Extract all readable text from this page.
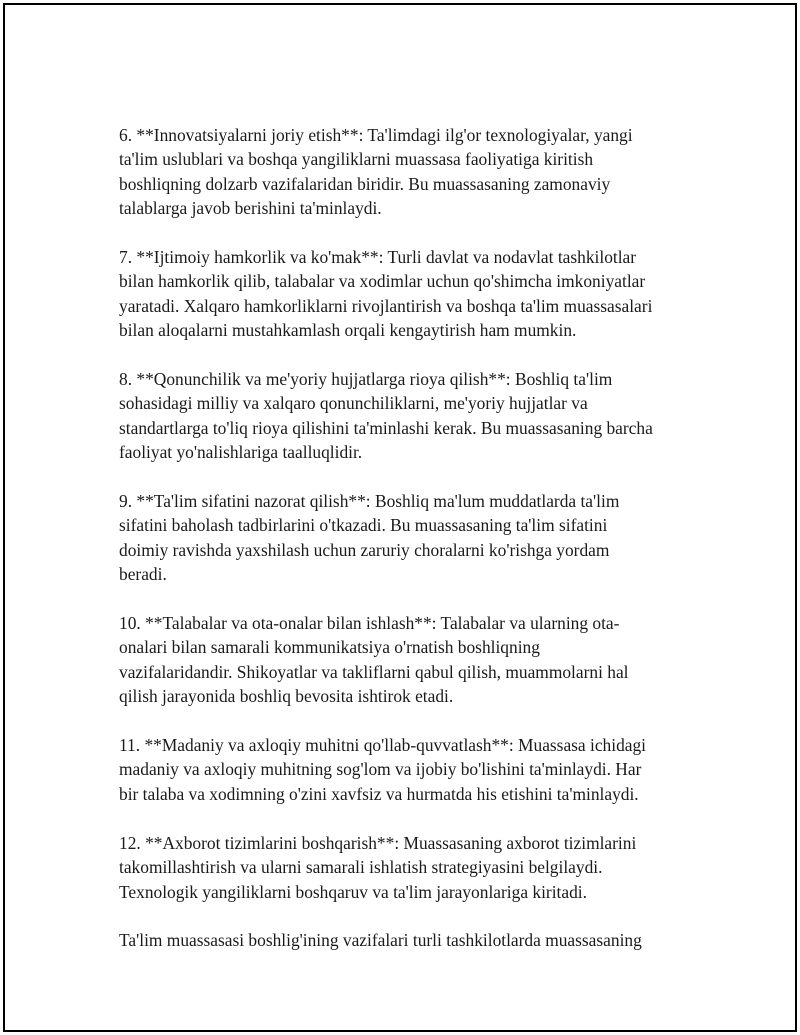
6. **Innovatsiyalarni joriy etish**: Ta'limdagi ilg'or texnologiyalar, yangi
ta'lim uslublari va boshqa yangiliklarni muassasa faoliyatiga kiritish
boshliqning dolzarb vazifalaridan biridir. Bu muassasaning zamonaviy
talablarga javob berishini ta'minlaydi.
7. **Ijtimoiy hamkorlik va ko'mak**: Turli davlat va nodavlat tashkilotlar
bilan hamkorlik qilib, talabalar va xodimlar uchun qo'shimcha imkoniyatlar
yaratadi. Xalqaro hamkorliklarni rivojlantirish va boshqa ta'lim muassasalari
bilan aloqalarni mustahkamlash orqali kengaytirish ham mumkin.
8. **Qonunchilik va me'yoriy hujjatlarga rioya qilish**: Boshliq ta'lim
sohasidagi milliy va xalqaro qonunchiliklarni, me'yoriy hujjatlar va
standartlarga to'liq rioya qilishini ta'minlashi kerak. Bu muassasaning barcha
faoliyat yo'nalishlariga taalluqlidir.
9. **Ta'lim sifatini nazorat qilish**: Boshliq ma'lum muddatlarda ta'lim
sifatini baholash tadbirlarini o'tkazadi. Bu muassasaning ta'lim sifatini
doimiy ravishda yaxshilash uchun zaruriy choralarni ko'rishga yordam
beradi.
10. **Talabalar va ota-onalar bilan ishlash**: Talabalar va ularning ota-
onalari bilan samarali kommunikatsiya o'rnatish boshliqning
vazifalaridandir. Shikoyatlar va takliflarni qabul qilish, muammolarni hal
qilish jarayonida boshliq bevosita ishtirok etadi.
11. **Madaniy va axloqiy muhitni qo'llab-quvvatlash**: Muassasa ichidagi
madaniy va axloqiy muhitning sog'lom va ijobiy bo'lishini ta'minlaydi. Har
bir talaba va xodimning o'zini xavfsiz va hurmatda his etishini ta'minlaydi.
12. **Axborot tizimlarini boshqarish**: Muassasaning axborot tizimlarini
takomillashtirish va ularni samarali ishlatish strategiyasini belgilaydi.
Texnologik yangiliklarni boshqaruv va ta'lim jarayonlariga kiritadi.
Ta'lim muassasasi boshlig'ining vazifalari turli tashkilotlarda muassasaning
